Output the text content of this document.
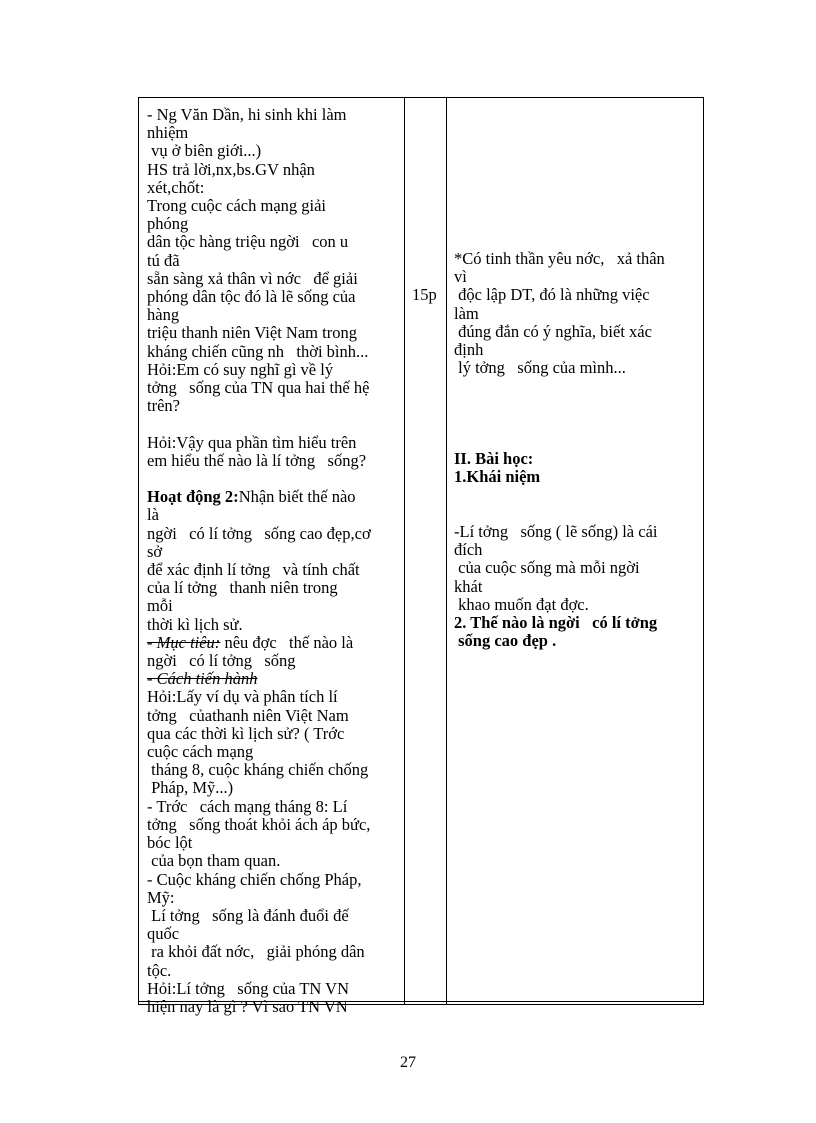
- Ng Văn Dần, hi sinh khi làm
nhiệm
vụ ở biên giới...)
HS trả lời,nx,bs.GV nhận
xét,chốt:
Trong cuộc cách mạng giải
phóng
dân tộc hàng triệu ngời   con u
tú đã
sẵn sàng xả thân vì nớc   để giải
phóng dân tộc đó là lẽ sống của
hàng
triệu thanh niên Việt Nam trong
kháng chiến cũng nh   thời bình...
Hỏi:Em có suy nghĩ gì về lý
tởng   sống của TN qua hai thế hệ
trên?
Hỏi:Vậy qua phần tìm hiểu trên
em hiểu thế nào là lí tởng   sống?
Hoạt động 2:Nhận biết thế nào
là
ngời   có lí tởng   sống cao đẹp,cơ
sở
để xác định lí tởng   và tính chất
của lí tởng   thanh niên trong
mỗi
thời kì lịch sử.
- Mục tiêu: nêu đợc   thế nào là
ngời   có lí tởng   sống
- Cách tiến hành
Hỏi:Lấy ví dụ và phân tích lí
tởng   củathanh niên Việt Nam
qua các thời kì lịch sử? ( Trớc
cuộc cách mạng
tháng 8, cuộc kháng chiến chống
Pháp, Mỹ...)
- Trớc   cách mạng tháng 8: Lí
tởng   sống thoát khỏi ách áp bức,
bóc lột
của bọn tham quan.
- Cuộc kháng chiến chống Pháp,
Mỹ:
Lí tởng   sống là đánh đuổi đế
quốc
ra khỏi đất nớc,   giải phóng dân
tộc.
Hỏi:Lí tởng   sống của TN VN
hiện nay là gì ? Vì sao TN VN
15p
*Có tinh thần yêu nớc,   xả thân
vì
độc lập DT, đó là những việc
làm
đúng đắn có ý nghĩa, biết xác
định
lý tởng   sống của mình...
II. Bài học:
1.Khái niệm
-Lí tởng   sống ( lẽ sống) là cái
đích
của cuộc sống mà mỗi ngời
khát
khao muốn đạt đợc.
2. Thế nào là ngời   có lí tởng
sống cao đẹp .
27
